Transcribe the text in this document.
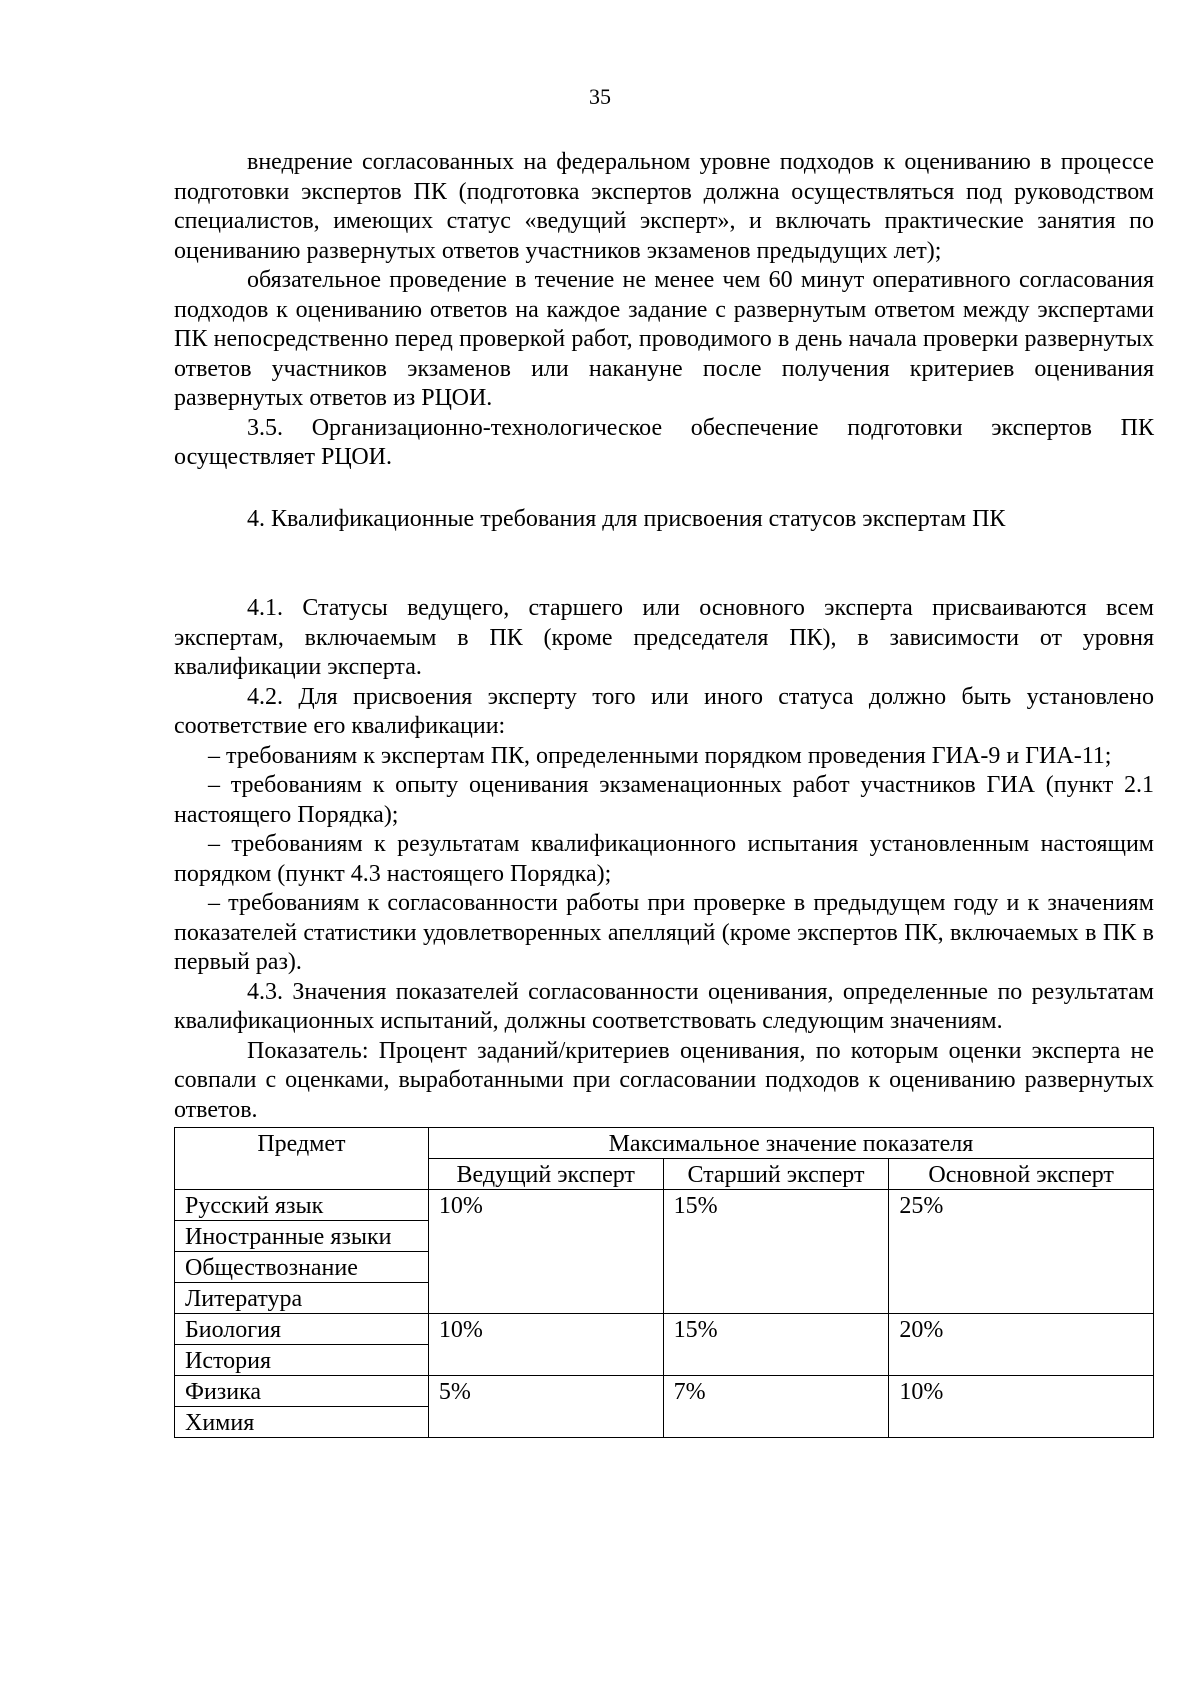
35

внедрение согласованных на федеральном уровне подходов к оцениванию в процессе подготовки экспертов ПК (подготовка экспертов должна осуществляться под руководством специалистов, имеющих статус «ведущий эксперт», и включать практические занятия по оцениванию развернутых ответов участников экзаменов предыдущих лет);

обязательное проведение в течение не менее чем 60 минут оперативного согласования подходов к оцениванию ответов на каждое задание с развернутым ответом между экспертами ПК непосредственно перед проверкой работ, проводимого в день начала проверки развернутых ответов участников экзаменов или накануне после получения критериев оценивания развернутых ответов из РЦОИ.

3.5. Организационно-технологическое обеспечение подготовки экспертов ПК осуществляет РЦОИ.

4. Квалификационные требования для присвоения статусов экспертам ПК

4.1. Статусы ведущего, старшего или основного эксперта присваиваются всем экспертам, включаемым в ПК (кроме председателя ПК), в зависимости от уровня квалификации эксперта.

4.2. Для присвоения эксперту того или иного статуса должно быть установлено соответствие его квалификации:

– требованиям к экспертам ПК, определенными порядком проведения ГИА-9 и ГИА-11;

– требованиям к опыту оценивания экзаменационных работ участников ГИА (пункт 2.1 настоящего Порядка);

– требованиям к результатам квалификационного испытания установленным настоящим порядком (пункт 4.3 настоящего Порядка);

– требованиям к согласованности работы при проверке в предыдущем году и к значениям показателей статистики удовлетворенных апелляций (кроме экспертов ПК, включаемых в ПК в первый раз).

4.3. Значения показателей согласованности оценивания, определенные по результатам квалификационных испытаний, должны соответствовать следующим значениям.

Показатель: Процент заданий/критериев оценивания, по которым оценки эксперта не совпали с оценками, выработанными при согласовании подходов к оцениванию развернутых ответов.

Предмет	Максимальное значение показателя		
	Ведущий эксперт	Старший эксперт	Основной эксперт
Русский язык	10%	15%	25%
Иностранные языки			
Обществознание			
Литература			
Биология	10%	15%	20%
История			
Физика	5%	7%	10%
Химия			
